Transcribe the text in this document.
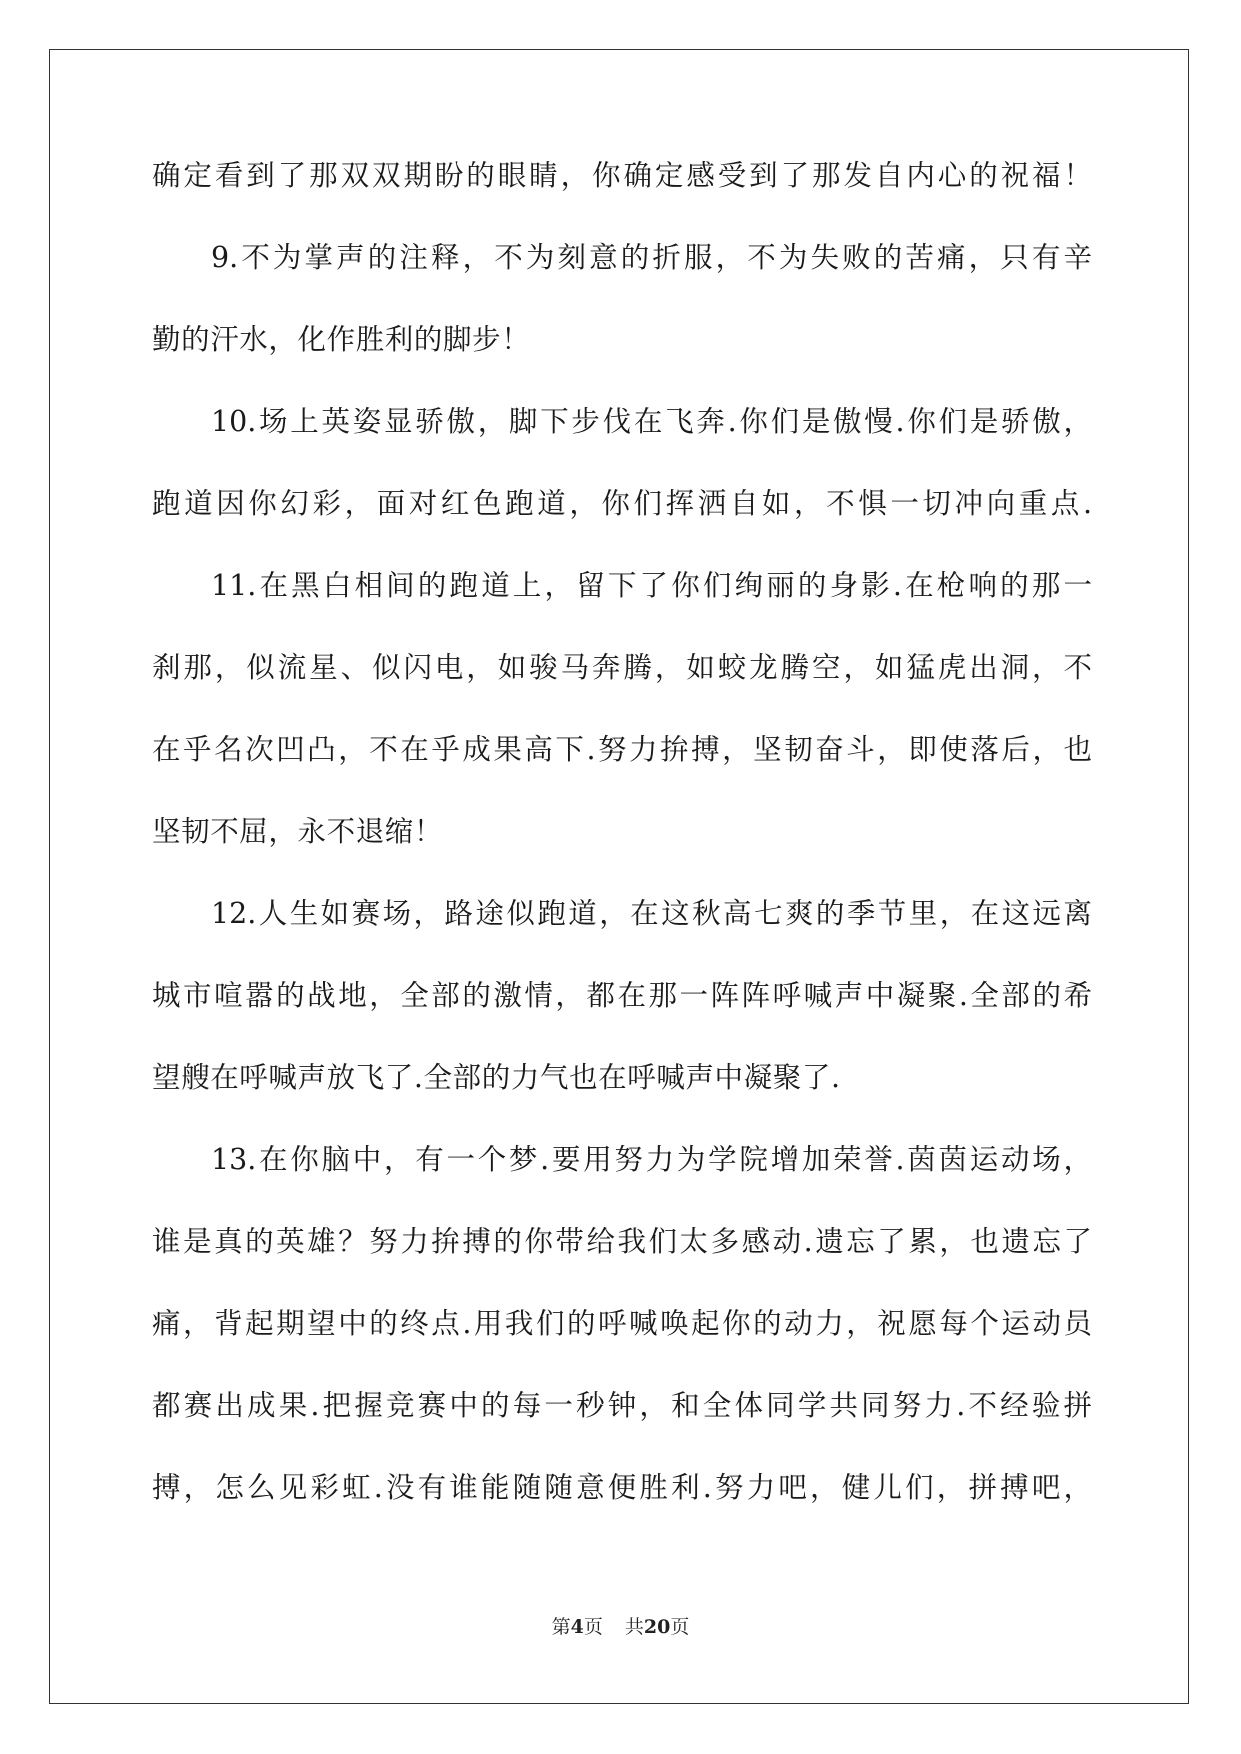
确定看到了那双双期盼的眼睛，你确定感受到了那发自内心的祝福！
9.不为掌声的注释，不为刻意的折服，不为失败的苦痛，只有辛
勤的汗水，化作胜利的脚步！
10.场上英姿显骄傲，脚下步伐在飞奔.你们是傲慢.你们是骄傲，
跑道因你幻彩，面对红色跑道，你们挥洒自如，不惧一切冲向重点.
11.在黑白相间的跑道上，留下了你们绚丽的身影.在枪响的那一
刹那，似流星、似闪电，如骏马奔腾，如蛟龙腾空，如猛虎出洞，不
在乎名次凹凸，不在乎成果高下.努力拚搏，坚韧奋斗，即使落后，也
坚韧不屈，永不退缩！
12.人生如赛场，路途似跑道，在这秋高七爽的季节里，在这远离
城市喧嚣的战地，全部的激情，都在那一阵阵呼喊声中凝聚.全部的希
望艘在呼喊声放飞了.全部的力气也在呼喊声中凝聚了.
13.在你脑中，有一个梦.要用努力为学院增加荣誉.茵茵运动场，
谁是真的英雄？努力拚搏的你带给我们太多感动.遗忘了累，也遗忘了
痛，背起期望中的终点.用我们的呼喊唤起你的动力，祝愿每个运动员
都赛出成果.把握竞赛中的每一秒钟，和全体同学共同努力.不经验拼
搏，怎么见彩虹.没有谁能随随意便胜利.努力吧，健儿们，拼搏吧，
第4页 共20页
